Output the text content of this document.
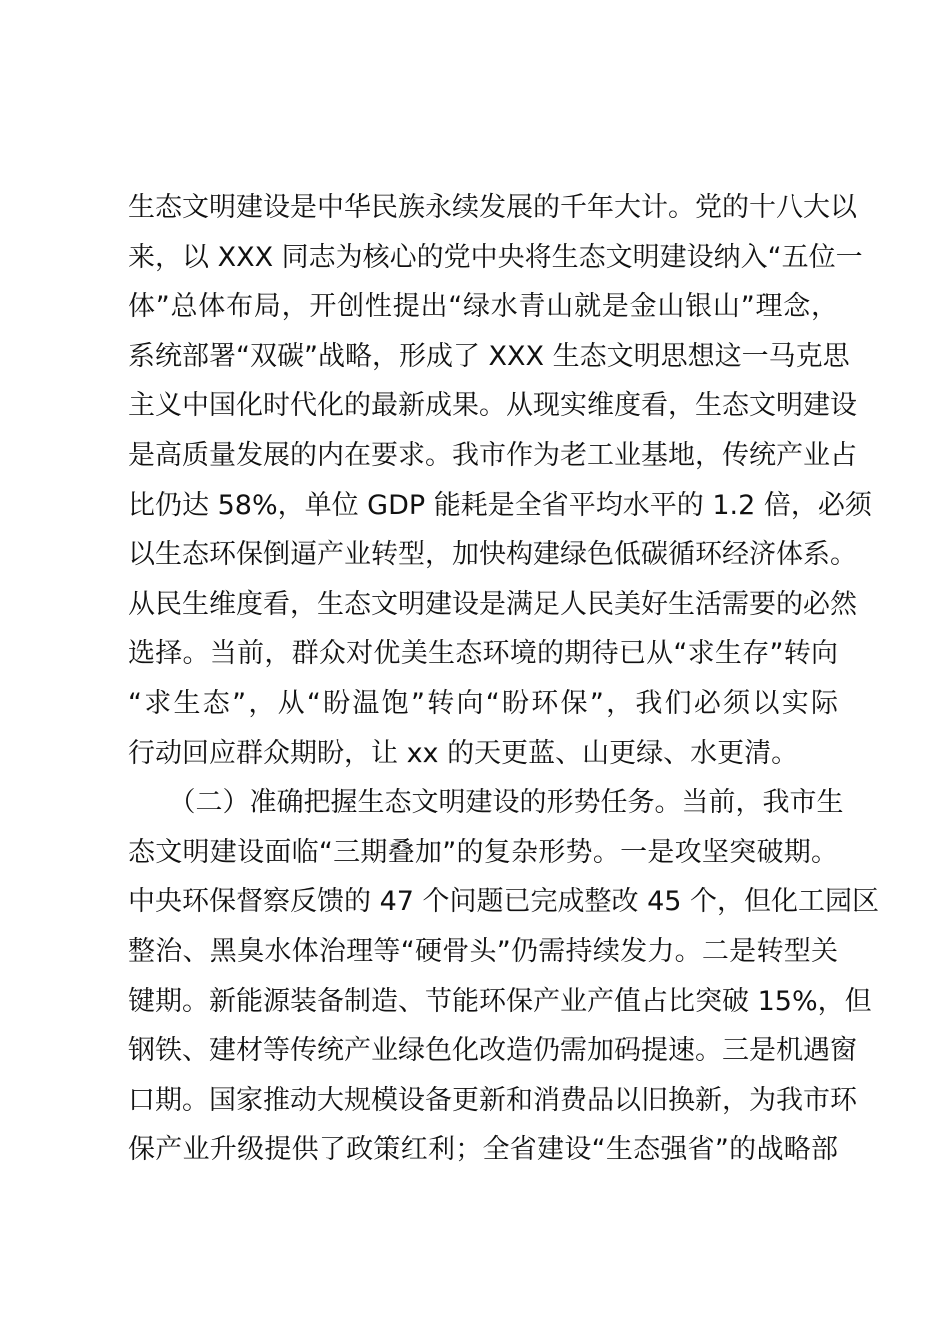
生态文明建设是中华民族永续发展的千年大计。党的十八大以
来，以 XXX 同志为核心的党中央将生态文明建设纳入“五位一
体”总体布局，开创性提出“绿水青山就是金山银山”理念，
系统部署“双碳”战略，形成了 XXX 生态文明思想这一马克思
主义中国化时代化的最新成果。从现实维度看，生态文明建设
是高质量发展的内在要求。我市作为老工业基地，传统产业占
比仍达 58%，单位 GDP 能耗是全省平均水平的 1.2 倍，必须
以生态环保倒逼产业转型，加快构建绿色低碳循环经济体系。
从民生维度看，生态文明建设是满足人民美好生活需要的必然
选择。当前，群众对优美生态环境的期待已从“求生存”转向
“求生态”，从“盼温饱”转向“盼环保”，我们必须以实际
行动回应群众期盼，让 xx 的天更蓝、山更绿、水更清。
　　（二）准确把握生态文明建设的形势任务。当前，我市生
态文明建设面临“三期叠加”的复杂形势。一是攻坚突破期。
中央环保督察反馈的 47 个问题已完成整改 45 个，但化工园区
整治、黑臭水体治理等“硬骨头”仍需持续发力。二是转型关
键期。新能源装备制造、节能环保产业产值占比突破 15%，但
钢铁、建材等传统产业绿色化改造仍需加码提速。三是机遇窗
口期。国家推动大规模设备更新和消费品以旧换新，为我市环
保产业升级提供了政策红利；全省建设“生态强省”的战略部
